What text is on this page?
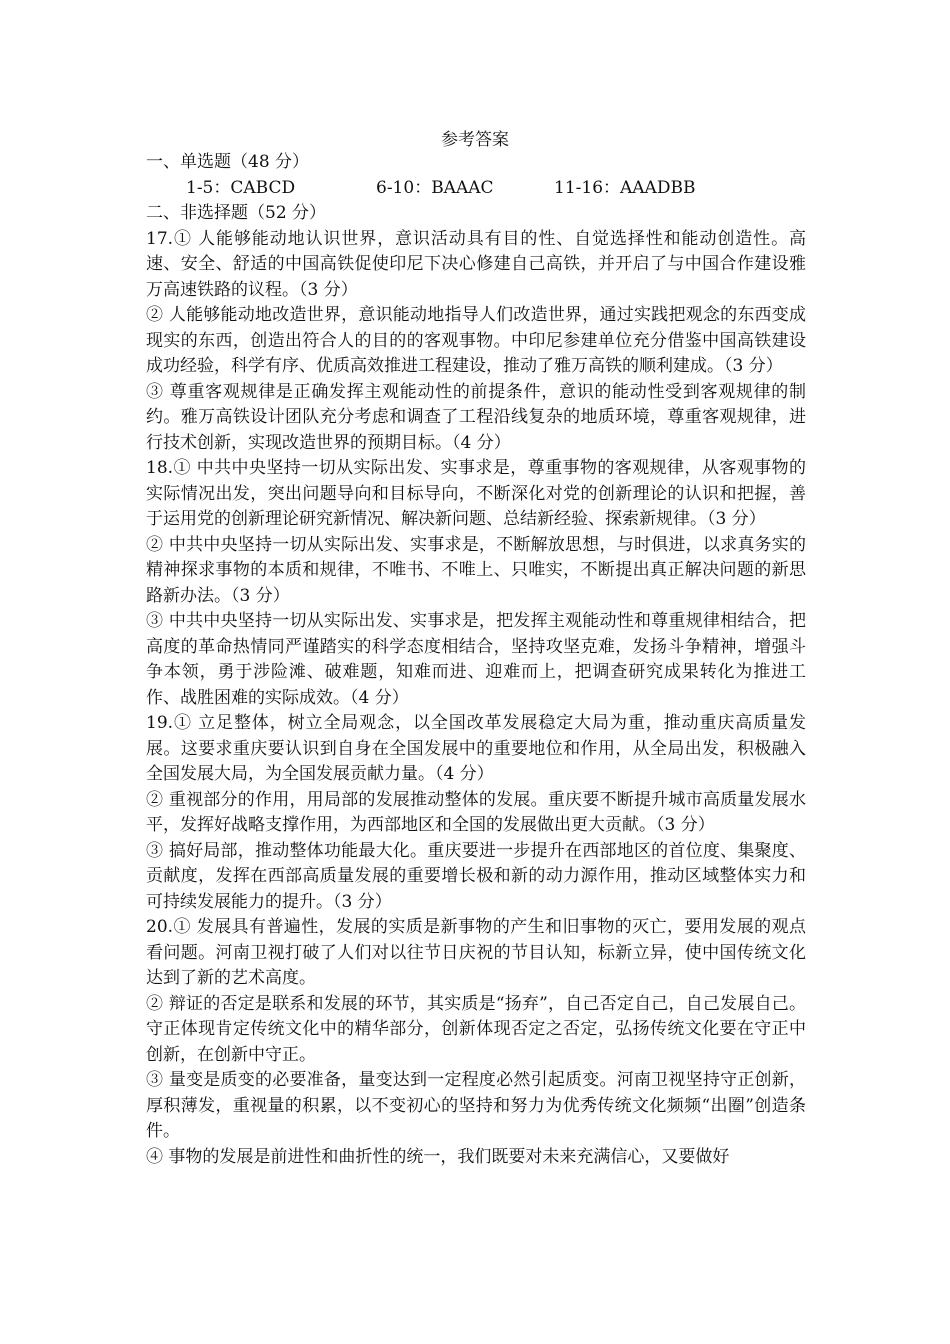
参考答案

一、单选题（48 分）

1-5：CABCD	6-10：BAAAC	11-16：AAADBB

二、非选择题（52 分）

17.① 人能够能动地认识世界，意识活动具有目的性、自觉选择性和能动创造性。高速、安全、舒适的中国高铁促使印尼下决心修建自己高铁，并开启了与中国合作建设雅万高速铁路的议程。（3 分）

② 人能够能动地改造世界，意识能动地指导人们改造世界，通过实践把观念的东西变成现实的东西，创造出符合人的目的的客观事物。中印尼参建单位充分借鉴中国高铁建设成功经验，科学有序、优质高效推进工程建设，推动了雅万高铁的顺利建成。（3 分）

③ 尊重客观规律是正确发挥主观能动性的前提条件，意识的能动性受到客观规律的制约。雅万高铁设计团队充分考虑和调查了工程沿线复杂的地质环境，尊重客观规律，进行技术创新，实现改造世界的预期目标。（4 分）

18.① 中共中央坚持一切从实际出发、实事求是，尊重事物的客观规律，从客观事物的实际情况出发，突出问题导向和目标导向，不断深化对党的创新理论的认识和把握，善于运用党的创新理论研究新情况、解决新问题、总结新经验、探索新规律。（3 分）

② 中共中央坚持一切从实际出发、实事求是，不断解放思想，与时俱进，以求真务实的精神探求事物的本质和规律，不唯书、不唯上、只唯实，不断提出真正解决问题的新思路新办法。（3 分）

③ 中共中央坚持一切从实际出发、实事求是，把发挥主观能动性和尊重规律相结合，把高度的革命热情同严谨踏实的科学态度相结合，坚持攻坚克难，发扬斗争精神，增强斗争本领，勇于涉险滩、破难题，知难而进、迎难而上，把调查研究成果转化为推进工作、战胜困难的实际成效。（4 分）

19.① 立足整体，树立全局观念，以全国改革发展稳定大局为重，推动重庆高质量发展。这要求重庆要认识到自身在全国发展中的重要地位和作用，从全局出发，积极融入全国发展大局，为全国发展贡献力量。（4 分）

② 重视部分的作用，用局部的发展推动整体的发展。重庆要不断提升城市高质量发展水平，发挥好战略支撑作用，为西部地区和全国的发展做出更大贡献。（3 分）

③ 搞好局部，推动整体功能最大化。重庆要进一步提升在西部地区的首位度、集聚度、贡献度，发挥在西部高质量发展的重要增长极和新的动力源作用，推动区域整体实力和可持续发展能力的提升。（3 分）

20.① 发展具有普遍性，发展的实质是新事物的产生和旧事物的灭亡，要用发展的观点看问题。河南卫视打破了人们对以往节日庆祝的节目认知，标新立异，使中国传统文化达到了新的艺术高度。

② 辩证的否定是联系和发展的环节，其实质是“扬弃”，自己否定自己，自己发展自己。守正体现肯定传统文化中的精华部分，创新体现否定之否定，弘扬传统文化要在守正中创新，在创新中守正。

③ 量变是质变的必要准备，量变达到一定程度必然引起质变。河南卫视坚持守正创新，厚积薄发，重视量的积累，以不变初心的坚持和努力为优秀传统文化频频“出圈”创造条件。

④ 事物的发展是前进性和曲折性的统一，我们既要对未来充满信心，又要做好
